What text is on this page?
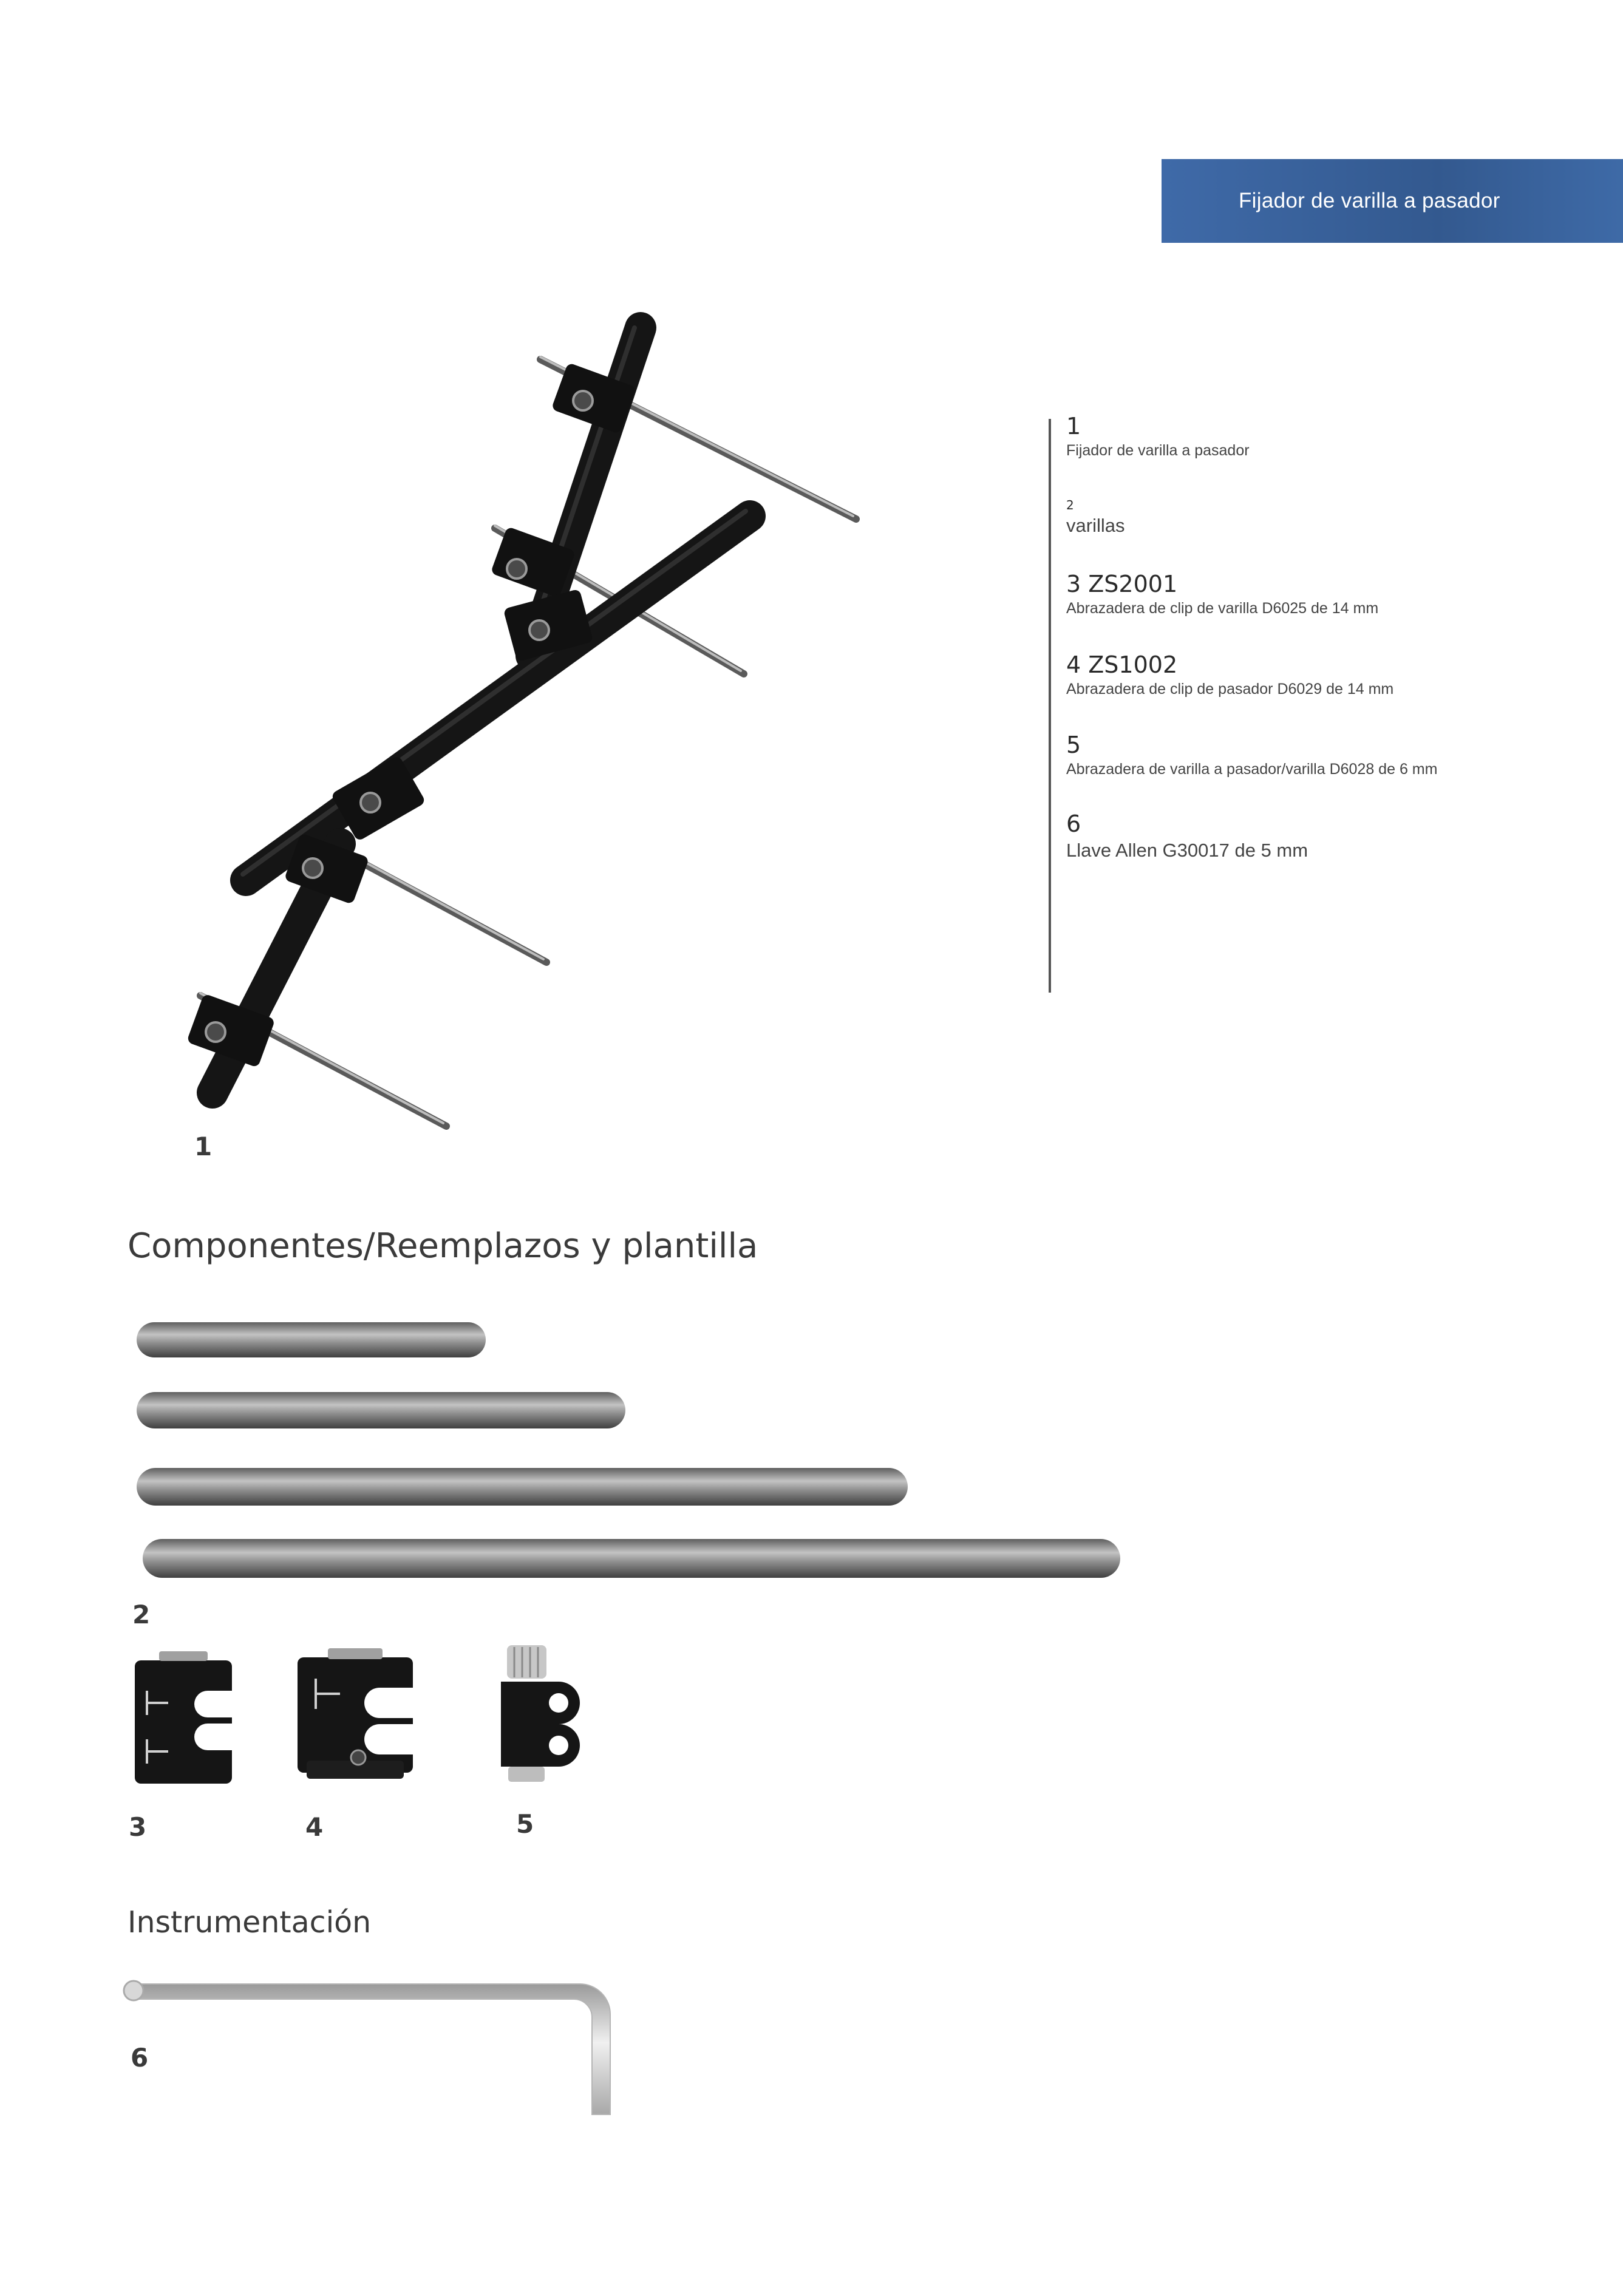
Fijador de varilla a pasador
1
1
Fijador de varilla a pasador
2
varillas
3 ZS2001
Abrazadera de clip de varilla D6025 de 14 mm
4 ZS1002
Abrazadera de clip de pasador D6029 de 14 mm
5
Abrazadera de varilla a pasador/varilla D6028 de 6 mm
6
Llave Allen G30017 de 5 mm
Componentes/Reemplazos y plantilla
2
3	4	5
Instrumentación
6
